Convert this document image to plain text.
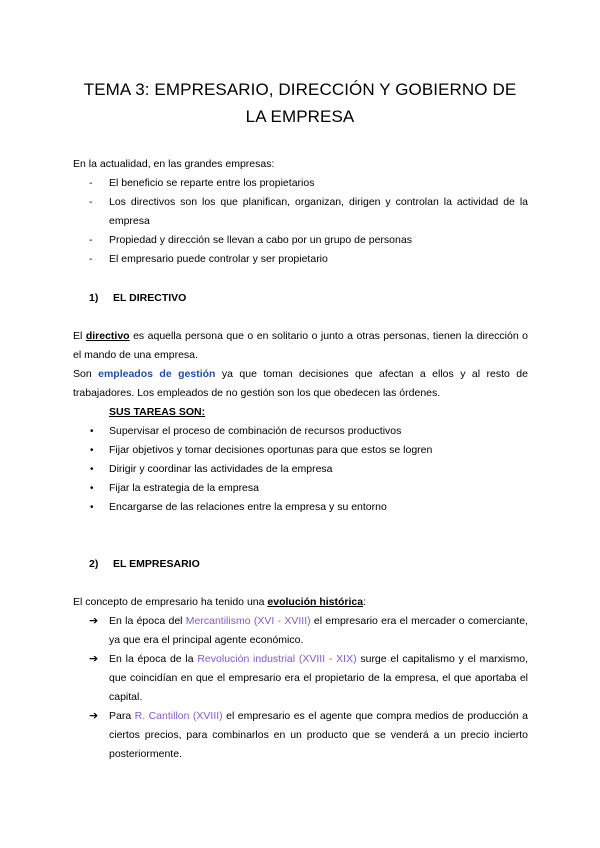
TEMA 3: EMPRESARIO, DIRECCIÓN Y GOBIERNO DE
LA EMPRESA

En la actualidad, en las grandes empresas:

- El beneficio se reparte entre los propietarios
- Los directivos son los que planifican, organizan, dirigen y controlan la actividad de la empresa
- Propiedad y dirección se llevan a cabo por un grupo de personas
- El empresario puede controlar y ser propietario
1) EL DIRECTIVO

El directivo es aquella persona que o en solitario o junto a otras personas, tienen la dirección o el mando de una empresa.

Son empleados de gestión ya que toman decisiones que afectan a ellos y al resto de trabajadores. Los empleados de no gestión son los que obedecen las órdenes.

SUS TAREAS SON:
• Supervisar el proceso de combinación de recursos productivos
• Fijar objetivos y tomar decisiones oportunas para que estos se logren
• Dirigir y coordinar las actividades de la empresa
• Fijar la estrategia de la empresa
• Encargarse de las relaciones entre la empresa y su entorno
2) EL EMPRESARIO

El concepto de empresario ha tenido una evolución histórica:

➔ En la época del Mercantilismo (XVI - XVIII) el empresario era el mercader o comerciante, ya que era el principal agente económico.
➔ En la época de la Revolución industrial (XVIII - XIX) surge el capitalismo y el marxismo, que coincidían en que el empresario era el propietario de la empresa, el que aportaba el capital.
➔ Para R. Cantillon (XVIII) el empresario es el agente que compra medios de producción a ciertos precios, para combinarlos en un producto que se venderá a un precio incierto posteriormente.
